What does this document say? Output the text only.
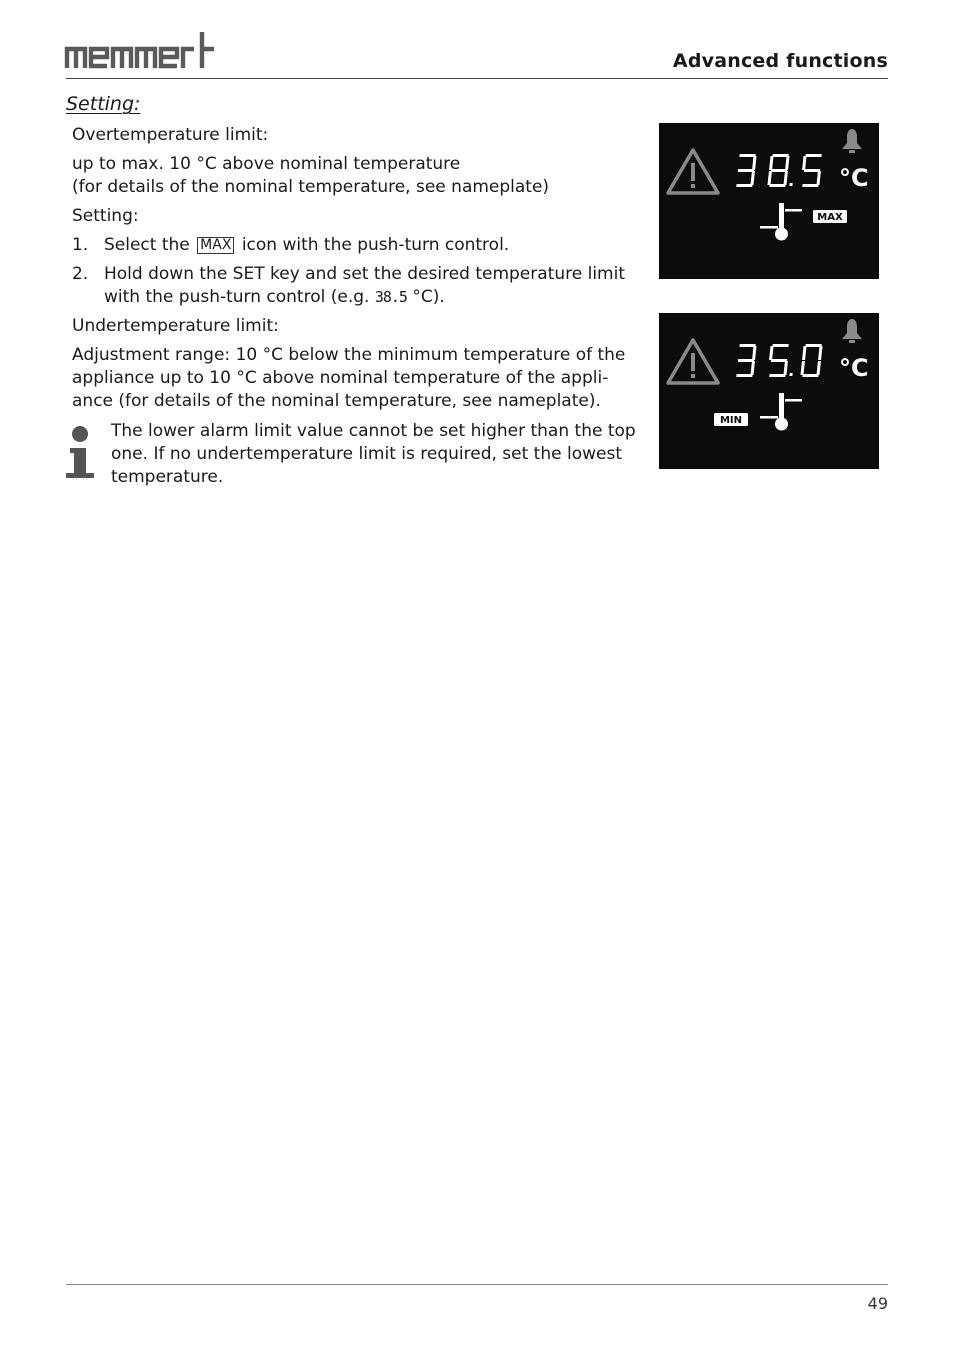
Advanced functions
Setting:

Overtemperature limit:

up to max. 10 °C above nominal temperature
(for details of the nominal temperature, see nameplate)

Setting:

1. Select the MAX icon with the push-turn control.
2. Hold down the SET key and set the desired temperature limit with the push-turn control (e.g. 38.5 °C).

Undertemperature limit:

Adjustment range: 10 °C below the minimum temperature of the appliance up to 10 °C above nominal temperature of the appli-ance (for details of the nominal temperature, see nameplate).

The lower alarm limit value cannot be set higher than the top one. If no undertemperature limit is required, set the lowest temperature.
°C
MAX
°C
MIN
49
